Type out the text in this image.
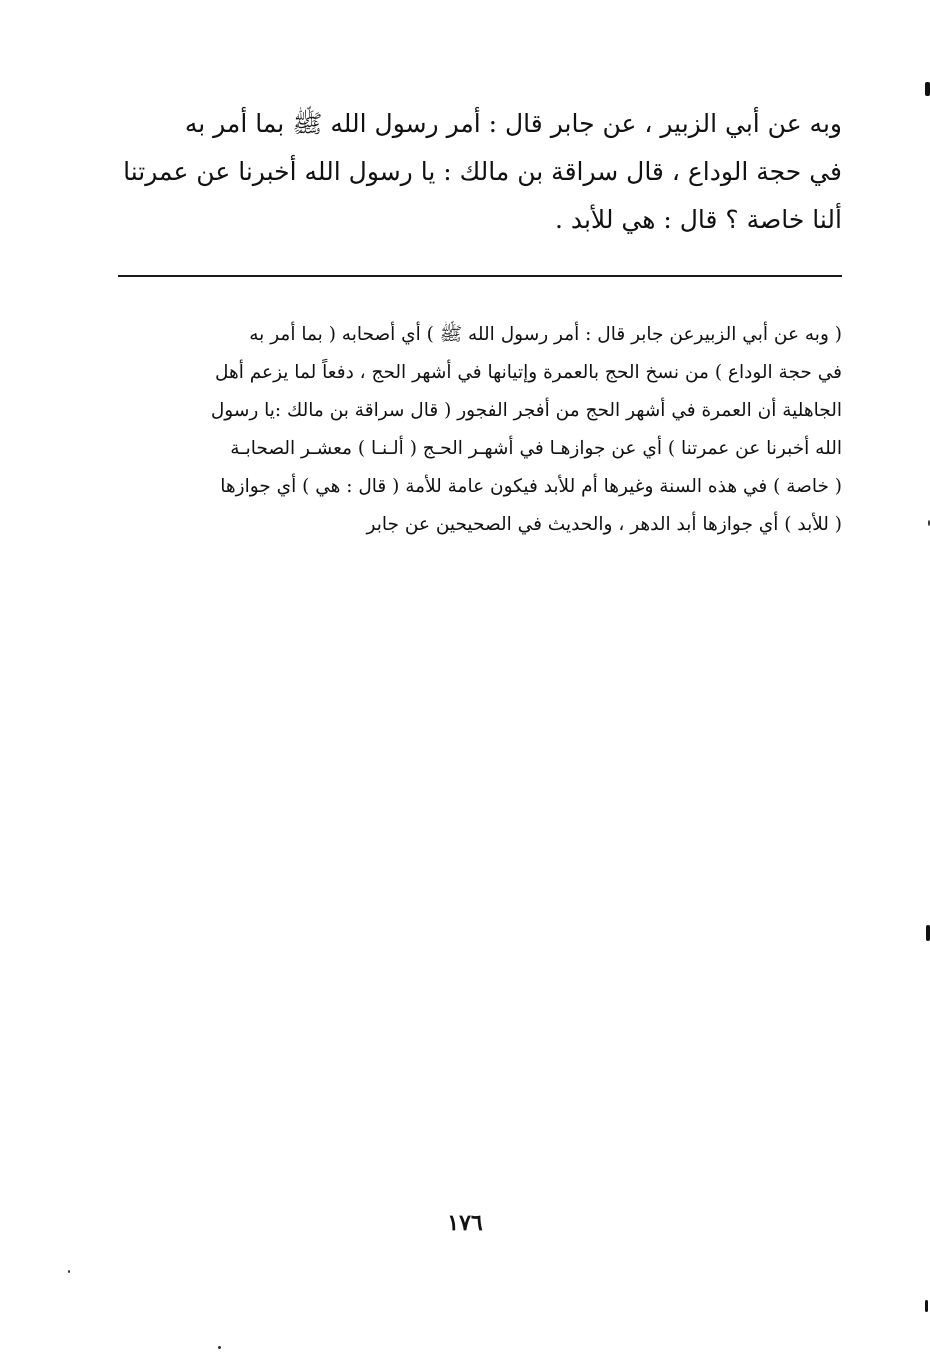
وبه عن أبي الزبير ، عن جابر قال : أمر رسول الله ﷺ بما أمر به
في حجة الوداع ، قال سراقة بن مالك : يا رسول الله أخبرنا عن عمرتنا
ألنا خاصة ؟ قال : هي للأبد .
( وبه عن أبي الزبيرعن جابر قال : أمر رسول الله ﷺ ) أي أصحابه ( بما أمر به
في حجة الوداع ) من نسخ الحج بالعمرة وإتيانها في أشهر الحج ، دفعاً لما يزعم أهل
الجاهلية أن العمرة في أشهر الحج من أفجر الفجور ( قال سراقة بن مالك :يا رسول
الله أخبرنا عن عمرتنا ) أي عن جوازهـا في أشهـر الحـج ( ألـنـا ) معشـر الصحابـة
( خاصة ) في هذه السنة وغيرها أم للأبد فيكون عامة للأمة ( قال : هي ) أي جوازها
( للأبد ) أي جوازها أبد الدهر ، والحديث في الصحيحين عن جابر
١٧٦
